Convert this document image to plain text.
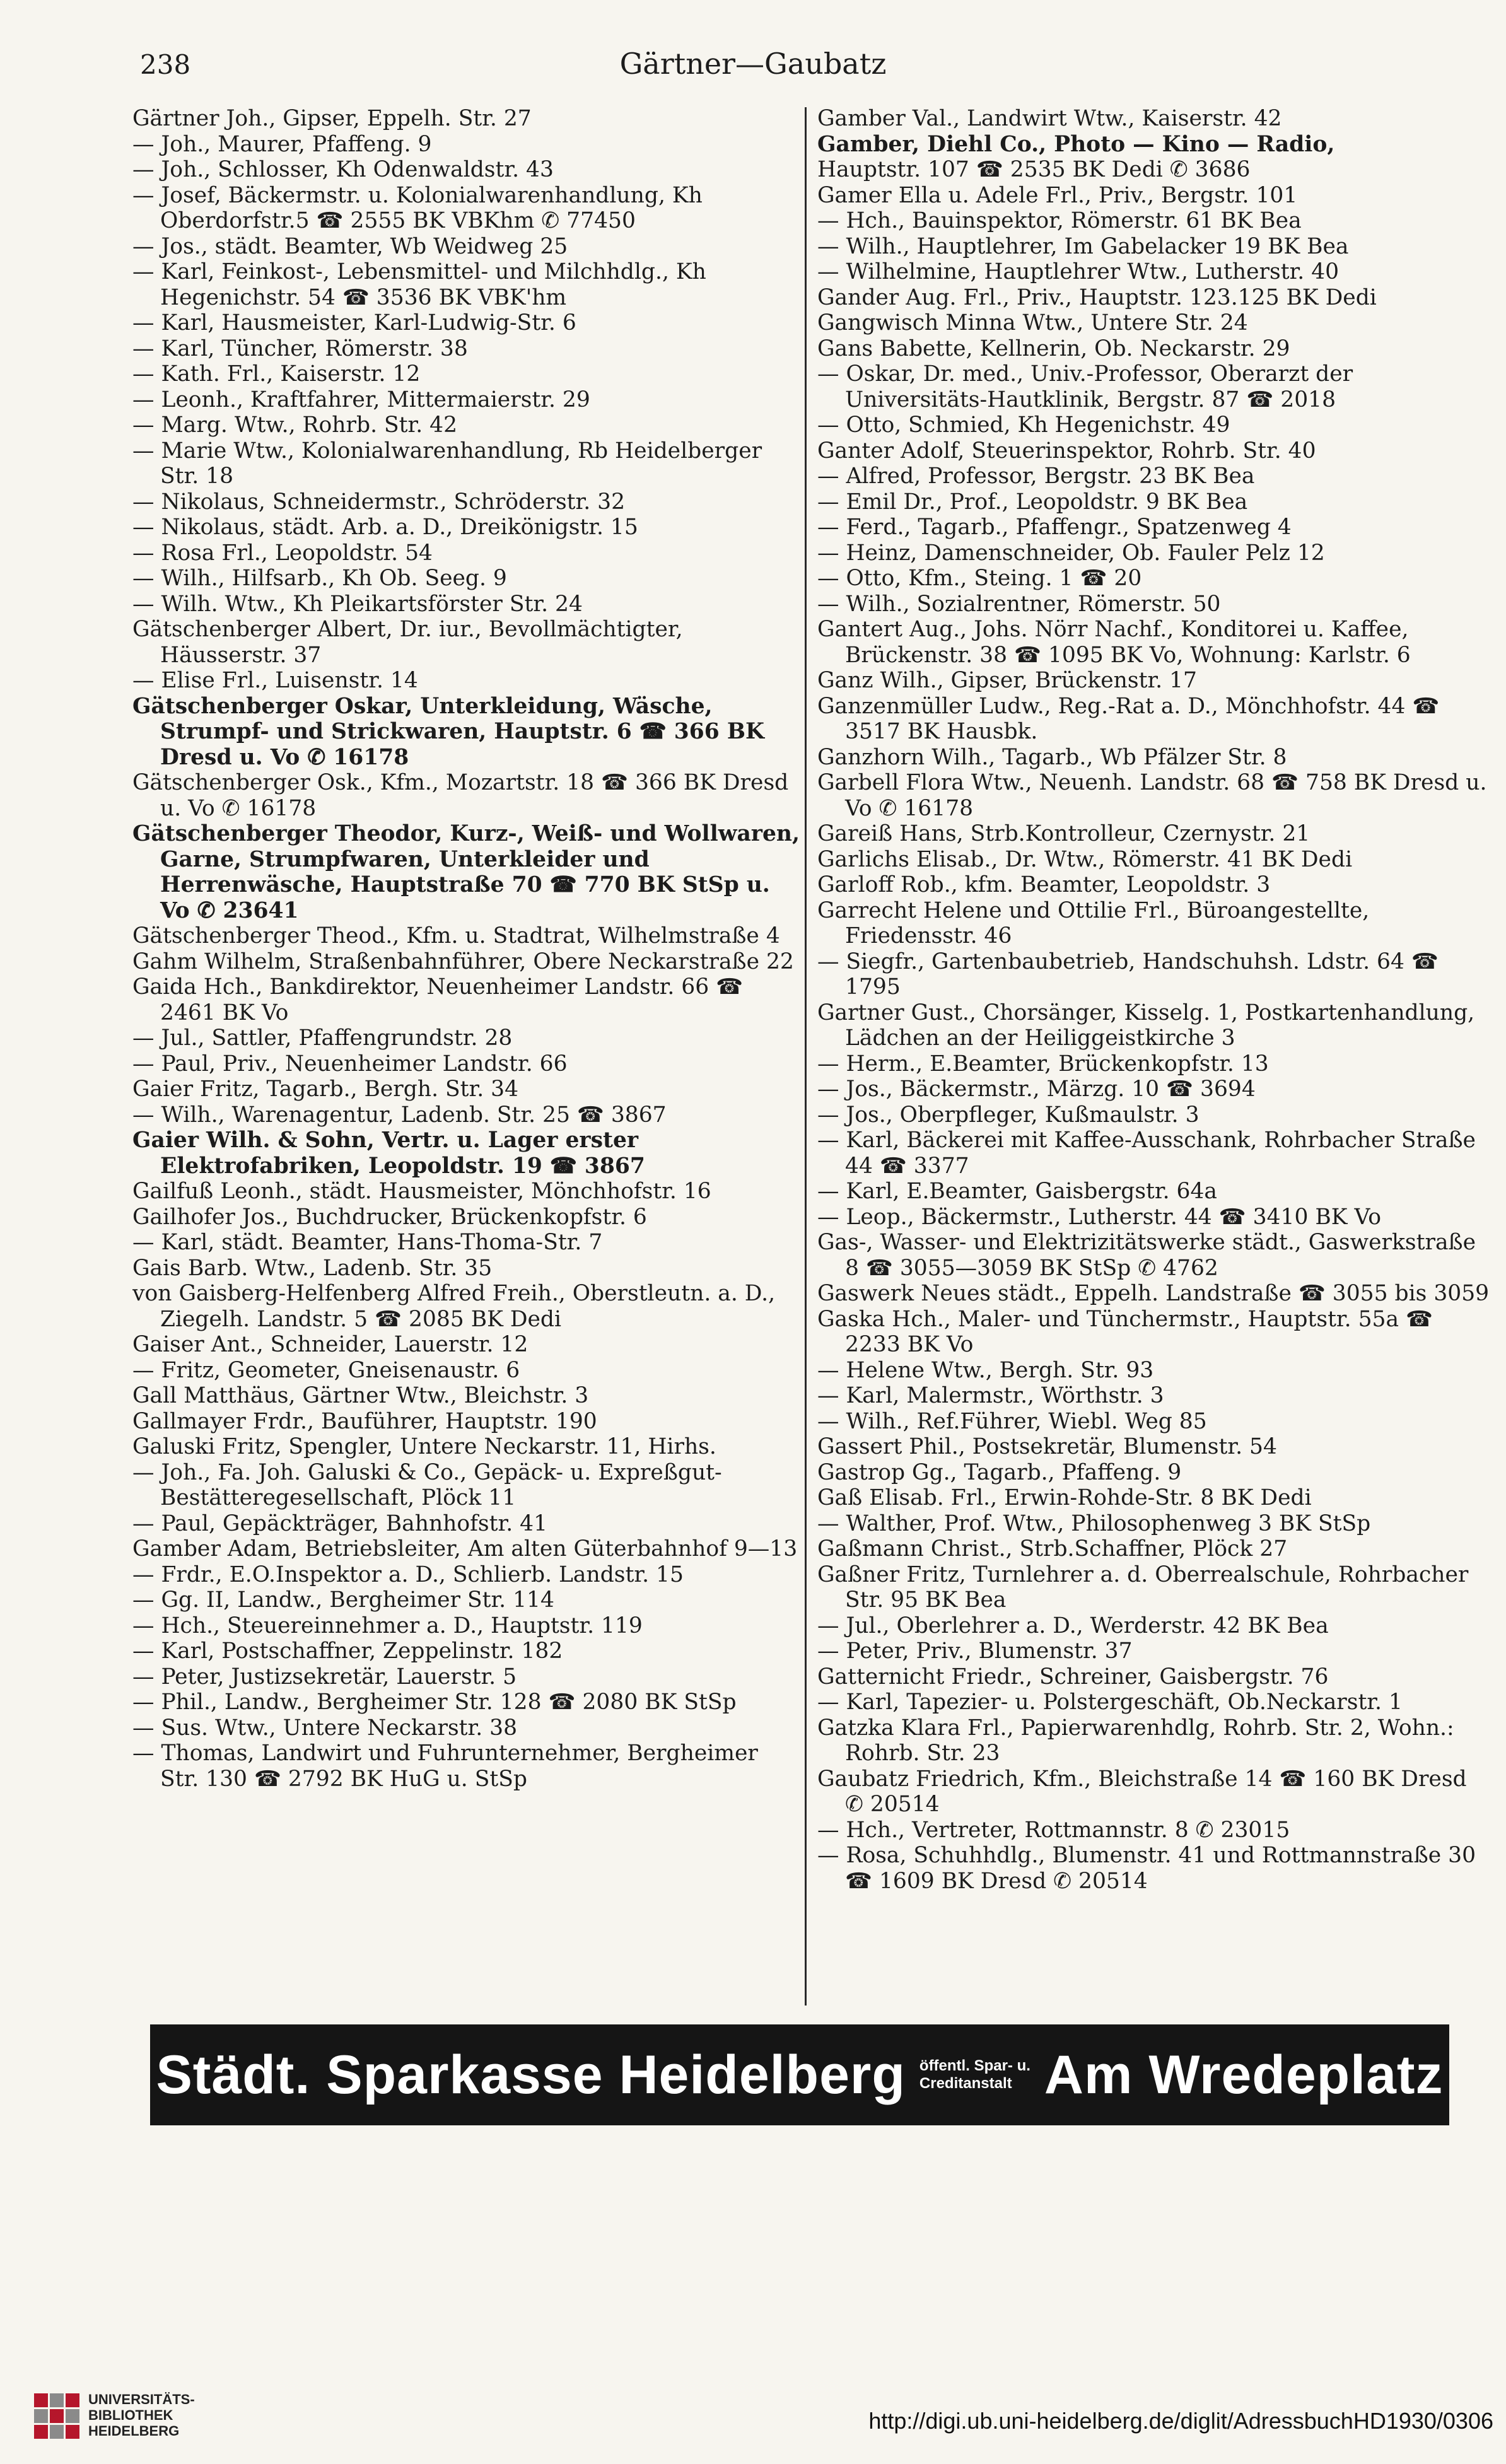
238	Gärtner—Gaubatz
Gärtner Joh., Gipser, Eppelh. Str. 27
— Joh., Maurer, Pfaffeng. 9
— Joh., Schlosser, Kh Odenwaldstr. 43
— Josef, Bäckermstr. u. Kolonialwarenhandlung, Kh Oberdorfstr.5 ☎ 2555 BK VBKhm ✆ 77450
— Jos., städt. Beamter, Wb Weidweg 25
— Karl, Feinkost-, Lebensmittel- und Milchhdlg., Kh Hegenichstr. 54 ☎ 3536 BK VBK'hm
— Karl, Hausmeister, Karl-Ludwig-Str. 6
— Karl, Tüncher, Römerstr. 38
— Kath. Frl., Kaiserstr. 12
— Leonh., Kraftfahrer, Mittermaierstr. 29
— Marg. Wtw., Rohrb. Str. 42
— Marie Wtw., Kolonialwarenhandlung, Rb Heidelberger Str. 18
— Nikolaus, Schneidermstr., Schröderstr. 32
— Nikolaus, städt. Arb. a. D., Dreikönigstr. 15
— Rosa Frl., Leopoldstr. 54
— Wilh., Hilfsarb., Kh Ob. Seeg. 9
— Wilh. Wtw., Kh Pleikartsförster Str. 24
Gätschenberger Albert, Dr. iur., Bevollmächtigter, Häusserstr. 37
— Elise Frl., Luisenstr. 14
Gätschenberger Oskar, Unterkleidung, Wäsche, Strumpf- und Strickwaren, Hauptstr. 6 ☎ 366 BK Dresd u. Vo ✆ 16178
Gätschenberger Osk., Kfm., Mozartstr. 18 ☎ 366 BK Dresd u. Vo ✆ 16178
Gätschenberger Theodor, Kurz-, Weiß- und Wollwaren, Garne, Strumpfwaren, Unterkleider und Herrenwäsche, Hauptstraße 70 ☎ 770 BK StSp u. Vo ✆ 23641
Gätschenberger Theod., Kfm. u. Stadtrat, Wilhelmstraße 4
Gahm Wilhelm, Straßenbahnführer, Obere Neckarstraße 22
Gaida Hch., Bankdirektor, Neuenheimer Landstr. 66 ☎ 2461 BK Vo
— Jul., Sattler, Pfaffengrundstr. 28
— Paul, Priv., Neuenheimer Landstr. 66
Gaier Fritz, Tagarb., Bergh. Str. 34
— Wilh., Warenagentur, Ladenb. Str. 25 ☎ 3867
Gaier Wilh. & Sohn, Vertr. u. Lager erster Elektrofabriken, Leopoldstr. 19 ☎ 3867
Gailfuß Leonh., städt. Hausmeister, Mönchhofstr. 16
Gailhofer Jos., Buchdrucker, Brückenkopfstr. 6
— Karl, städt. Beamter, Hans-Thoma-Str. 7
Gais Barb. Wtw., Ladenb. Str. 35
von Gaisberg-Helfenberg Alfred Freih., Oberstleutn. a. D., Ziegelh. Landstr. 5 ☎ 2085 BK Dedi
Gaiser Ant., Schneider, Lauerstr. 12
— Fritz, Geometer, Gneisenaustr. 6
Gall Matthäus, Gärtner Wtw., Bleichstr. 3
Gallmayer Frdr., Bauführer, Hauptstr. 190
Galuski Fritz, Spengler, Untere Neckarstr. 11, Hirhs.
— Joh., Fa. Joh. Galuski & Co., Gepäck- u. Expreßgut-Bestätteregesellschaft, Plöck 11
— Paul, Gepäckträger, Bahnhofstr. 41
Gamber Adam, Betriebsleiter, Am alten Güterbahnhof 9—13
— Frdr., E.O.Inspektor a. D., Schlierb. Landstr. 15
— Gg. II, Landw., Bergheimer Str. 114
— Hch., Steuereinnehmer a. D., Hauptstr. 119
— Karl, Postschaffner, Zeppelinstr. 182
— Peter, Justizsekretär, Lauerstr. 5
— Phil., Landw., Bergheimer Str. 128 ☎ 2080 BK StSp
— Sus. Wtw., Untere Neckarstr. 38
— Thomas, Landwirt und Fuhrunternehmer, Bergheimer Str. 130 ☎ 2792 BK HuG u. StSp
Gamber Val., Landwirt Wtw., Kaiserstr. 42
Gamber, Diehl Co., Photo — Kino — Radio,
Hauptstr. 107 ☎ 2535 BK Dedi ✆ 3686
Gamer Ella u. Adele Frl., Priv., Bergstr. 101
— Hch., Bauinspektor, Römerstr. 61 BK Bea
— Wilh., Hauptlehrer, Im Gabelacker 19 BK Bea
— Wilhelmine, Hauptlehrer Wtw., Lutherstr. 40
Gander Aug. Frl., Priv., Hauptstr. 123.125 BK Dedi
Gangwisch Minna Wtw., Untere Str. 24
Gans Babette, Kellnerin, Ob. Neckarstr. 29
— Oskar, Dr. med., Univ.-Professor, Oberarzt der Universitäts-Hautklinik, Bergstr. 87 ☎ 2018
— Otto, Schmied, Kh Hegenichstr. 49
Ganter Adolf, Steuerinspektor, Rohrb. Str. 40
— Alfred, Professor, Bergstr. 23 BK Bea
— Emil Dr., Prof., Leopoldstr. 9 BK Bea
— Ferd., Tagarb., Pfaffengr., Spatzenweg 4
— Heinz, Damenschneider, Ob. Fauler Pelz 12
— Otto, Kfm., Steing. 1 ☎ 20
— Wilh., Sozialrentner, Römerstr. 50
Gantert Aug., Johs. Nörr Nachf., Konditorei u. Kaffee, Brückenstr. 38 ☎ 1095 BK Vo, Wohnung: Karlstr. 6
Ganz Wilh., Gipser, Brückenstr. 17
Ganzenmüller Ludw., Reg.-Rat a. D., Mönchhofstr. 44 ☎ 3517 BK Hausbk.
Ganzhorn Wilh., Tagarb., Wb Pfälzer Str. 8
Garbell Flora Wtw., Neuenh. Landstr. 68 ☎ 758 BK Dresd u. Vo ✆ 16178
Gareiß Hans, Strb.Kontrolleur, Czernystr. 21
Garlichs Elisab., Dr. Wtw., Römerstr. 41 BK Dedi
Garloff Rob., kfm. Beamter, Leopoldstr. 3
Garrecht Helene und Ottilie Frl., Büroangestellte, Friedensstr. 46
— Siegfr., Gartenbaubetrieb, Handschuhsh. Ldstr. 64 ☎ 1795
Gartner Gust., Chorsänger, Kisselg. 1, Postkartenhandlung, Lädchen an der Heiliggeistkirche 3
— Herm., E.Beamter, Brückenkopfstr. 13
— Jos., Bäckermstr., Märzg. 10 ☎ 3694
— Jos., Oberpfleger, Kußmaulstr. 3
— Karl, Bäckerei mit Kaffee-Ausschank, Rohrbacher Straße 44 ☎ 3377
— Karl, E.Beamter, Gaisbergstr. 64a
— Leop., Bäckermstr., Lutherstr. 44 ☎ 3410 BK Vo
Gas-, Wasser- und Elektrizitätswerke städt., Gaswerkstraße 8 ☎ 3055—3059 BK StSp ✆ 4762
Gaswerk Neues städt., Eppelh. Landstraße ☎ 3055 bis 3059
Gaska Hch., Maler- und Tünchermstr., Hauptstr. 55a ☎ 2233 BK Vo
— Helene Wtw., Bergh. Str. 93
— Karl, Malermstr., Wörthstr. 3
— Wilh., Ref.Führer, Wiebl. Weg 85
Gassert Phil., Postsekretär, Blumenstr. 54
Gastrop Gg., Tagarb., Pfaffeng. 9
Gaß Elisab. Frl., Erwin-Rohde-Str. 8 BK Dedi
— Walther, Prof. Wtw., Philosophenweg 3 BK StSp
Gaßmann Christ., Strb.Schaffner, Plöck 27
Gaßner Fritz, Turnlehrer a. d. Oberrealschule, Rohrbacher Str. 95 BK Bea
— Jul., Oberlehrer a. D., Werderstr. 42 BK Bea
— Peter, Priv., Blumenstr. 37
Gatternicht Friedr., Schreiner, Gaisbergstr. 76
— Karl, Tapezier- u. Polstergeschäft, Ob.Neckarstr. 1
Gatzka Klara Frl., Papierwarenhdlg, Rohrb. Str. 2, Wohn.: Rohrb. Str. 23
Gaubatz Friedrich, Kfm., Bleichstraße 14 ☎ 160 BK Dresd ✆ 20514
— Hch., Vertreter, Rottmannstr. 8 ✆ 23015
— Rosa, Schuhhdlg., Blumenstr. 41 und Rottmannstraße 30 ☎ 1609 BK Dresd ✆ 20514
Städt. Sparkasse Heidelberg öffentl. Spar- u.
Creditanstalt Am Wredeplatz
UNIVERSITÄTS-
BIBLIOTHEK
HEIDELBERG	http://digi.ub.uni-heidelberg.de/diglit/AdressbuchHD1930/0306
